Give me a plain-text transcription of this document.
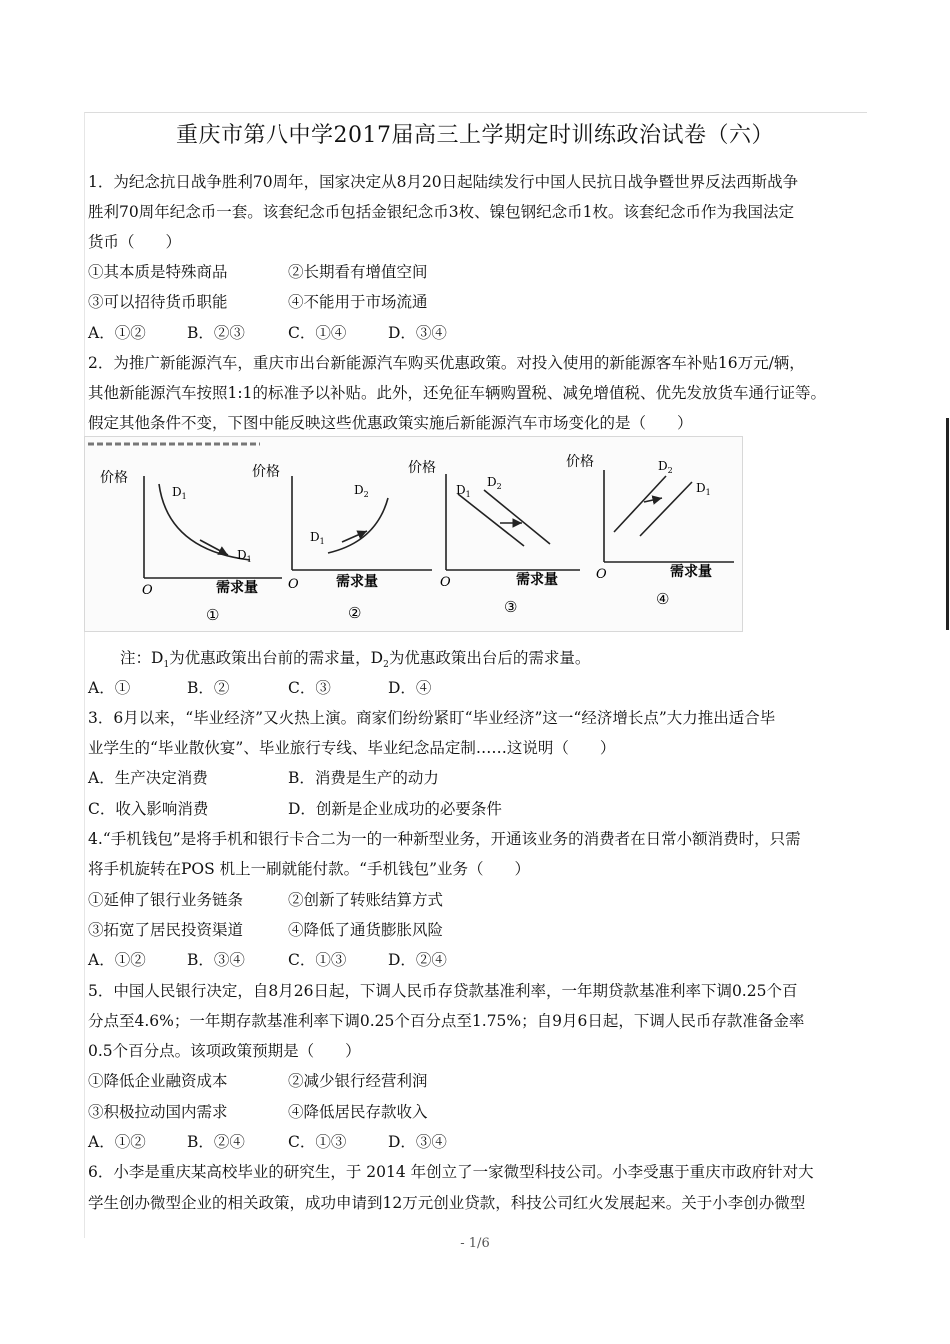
重庆市第八中学2017届高三上学期定时训练政治试卷（六）
1．为纪念抗日战争胜利70周年，国家决定从8月20日起陆续发行中国人民抗日战争暨世界反法西斯战争
胜利70周年纪念币一套。该套纪念币包括金银纪念币3枚、镍包钢纪念币1枚。该套纪念币作为我国法定
货币（　　）
①其本质是特殊商品	②长期看有增值空间
③可以招待货币职能	④不能用于市场流通
A．①②	B．②③	C．①④	D．③④
2．为推广新能源汽车，重庆市出台新能源汽车购买优惠政策。对投入使用的新能源客车补贴16万元/辆，
其他新能源汽车按照1:1的标准予以补贴。此外，还免征车辆购置税、减免增值税、优先发放货车通行证等。
假定其他条件不变，下图中能反映这些优惠政策实施后新能源汽车市场变化的是（　　）
价格
O	需求量
$D_1$
$D_1$
①
价格
O	需求量
$D_1$
$D_2$
②
价格
O	需求量
$D_1$
$D_2$
③
价格
O	需求量
$D_2$
$D_1$
④
注：$D_1$为优惠政策出台前的需求量，$D_2$为优惠政策出台后的需求量。
A．①	B．②	C．③	D．④
3．6月以来，“毕业经济”又火热上演。商家们纷纷紧盯“毕业经济”这一“经济增长点”大力推出适合毕
业学生的“毕业散伙宴”、毕业旅行专线、毕业纪念品定制……这说明（　　）
A．生产决定消费	B．消费是生产的动力
C．收入影响消费	D．创新是企业成功的必要条件
4.“手机钱包”是将手机和银行卡合二为一的一种新型业务，开通该业务的消费者在日常小额消费时，只需
将手机旋转在POS 机上一刷就能付款。“手机钱包”业务（　　）
①延伸了银行业务链条	②创新了转账结算方式
③拓宽了居民投资渠道	④降低了通货膨胀风险
A．①②	B．③④	C．①③	D．②④
5．中国人民银行决定，自8月26日起，下调人民币存贷款基准利率，一年期贷款基准利率下调0.25个百
分点至4.6%；一年期存款基准利率下调0.25个百分点至1.75%；自9月6日起，下调人民币存款准备金率
0.5个百分点。该项政策预期是（　　）
①降低企业融资成本	②减少银行经营利润
③积极拉动国内需求	④降低居民存款收入
A．①②	B．②④	C．①③	D．③④
6．小李是重庆某高校毕业的研究生，于 2014 年创立了一家微型科技公司。小李受惠于重庆市政府针对大
学生创办微型企业的相关政策，成功申请到12万元创业贷款，科技公司红火发展起来。关于小李创办微型
- 1/6
